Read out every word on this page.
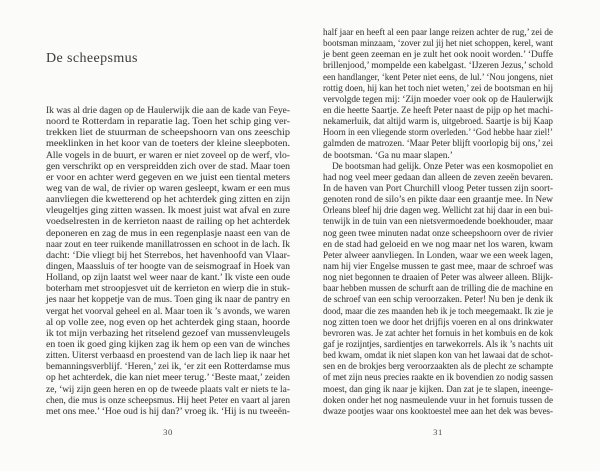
De scheepsmus
Ik was al drie dagen op de Haulerwijk die aan de kade van Feye-
noord te Rotterdam in reparatie lag. Toen het schip ging ver-
trekken liet de stuurman de scheepshoorn van ons zeeschip
meeklinken in het koor van de toeters der kleine sleepboten.
Alle vogels in de buurt, er waren er niet zoveel op de werf, vlo-
gen verschrikt op en verspreidden zich over de stad. Maar toen
er voor en achter werd gegeven en we juist een tiental meters
weg van de wal, de rivier op waren gesleept, kwam er een mus
aanvliegen die kwetterend op het achterdek ging zitten en zijn
vleugeltjes ging zitten wassen. Ik moest juist wat afval en zure
voedselresten in de kerrieton naast de railing op het achterdek
deponeren en zag de mus in een regenplasje naast een van de
naar zout en teer ruikende manillatrossen en schoot in de lach. Ik
dacht: ‘Die vliegt bij het Sterrebos, het havenhoofd van Vlaar-
dingen, Maassluis of ter hoogte van de seismograaf in Hoek van
Holland, op zijn laatst wel weer naar de kant.’ Ik viste een oude
boterham met stroopjesvet uit de kerrieton en wierp die in stuk-
jes naar het koppetje van de mus. Toen ging ik naar de pantry en
vergat het voorval geheel en al. Maar toen ik ’s avonds, we waren
al op volle zee, nog even op het achterdek ging staan, hoorde
ik tot mijn verbazing het ritselend gezoef van mussenvleugels
en toen ik goed ging kijken zag ik hem op een van de winches
zitten. Uiterst verbaasd en proestend van de lach liep ik naar het
bemanningsverblijf. ‘Heren,’ zei ik, ‘er zit een Rotterdamse mus
op het achterdek, die kan niet meer terug.’ ‘Beste maat,’ zeiden
ze, ‘wij zijn geen heren en op de tweede plaats valt er niets te la-
chen, die mus is onze scheepsmus. Hij heet Peter en vaart al jaren
met ons mee.’ ‘Hoe oud is hij dan?’ vroeg ik. ‘Hij is nu tweeën-
30
half jaar en heeft al een paar lange reizen achter de rug,’ zei de
bootsman minzaam, ‘zover zul jij het niet schoppen, kerel, want
je bent geen zeeman en je zult het ook nooit worden.’ ‘Duffe
brillenjood,’ mompelde een kabelgast. ‘IJzeren Jezus,’ schold
een handlanger, ‘kent Peter niet eens, de lul.’ ‘Nou jongens, niet
rottig doen, hij kan het toch niet weten,’ zei de bootsman en hij
vervolgde tegen mij: ‘Zijn moeder voer ook op de Haulerwijk
en die heette Saartje. Ze heeft Peter naast de pijp op het machi-
nekamerluik, dat altijd warm is, uitgebroed. Saartje is bij Kaap
Hoorn in een vliegende storm overleden.’ ‘God hebbe haar ziel!’
galmden de matrozen. ‘Maar Peter blijft voorlopig bij ons,’ zei
de bootsman. ‘Ga nu maar slapen.’
 De bootsman had gelijk. Onze Peter was een kosmopoliet en
had nog veel meer gedaan dan alleen de zeven zeeën bevaren.
In de haven van Port Churchill vloog Peter tussen zijn soort-
genoten rond de silo’s en pikte daar een graantje mee. In New
Orleans bleef hij drie dagen weg. Wellicht zat hij daar in een bui-
tenwijk in de tuin van een nietsvermoedende boekhouder, maar
nog geen twee minuten nadat onze scheepshoorn over de rivier
en de stad had geloeid en we nog maar net los waren, kwam
Peter alweer aanvliegen. In Londen, waar we een week lagen,
nam hij vier Engelse mussen te gast mee, maar de schroef was
nog niet begonnen te draaien of Peter was alweer alleen. Blijk-
baar hebben mussen de schurft aan de trilling die de machine en
de schroef van een schip veroorzaken. Peter! Nu ben je denk ik
dood, maar die zes maanden heb ik je toch meegemaakt. Ik zie je
nog zitten toen we door het drijfijs voeren en al ons drinkwater
bevroren was. Je zat achter het fornuis in het kombuis en de kok
gaf je rozijntjes, sardientjes en tarwekorrels. Als ik ’s nachts uit
bed kwam, omdat ik niet slapen kon van het lawaai dat de schot-
sen en de brokjes berg veroorzaakten als de plecht ze schampte
of met zijn neus precies raakte en ik bovendien zo nodig sassen
moest, dan ging ik naar je kijken. Dan zat je te slapen, ineenge-
doken onder het nog nasmeulende vuur in het fornuis tussen de
dwaze pootjes waar ons kooktoestel mee aan het dek was beves-
31
